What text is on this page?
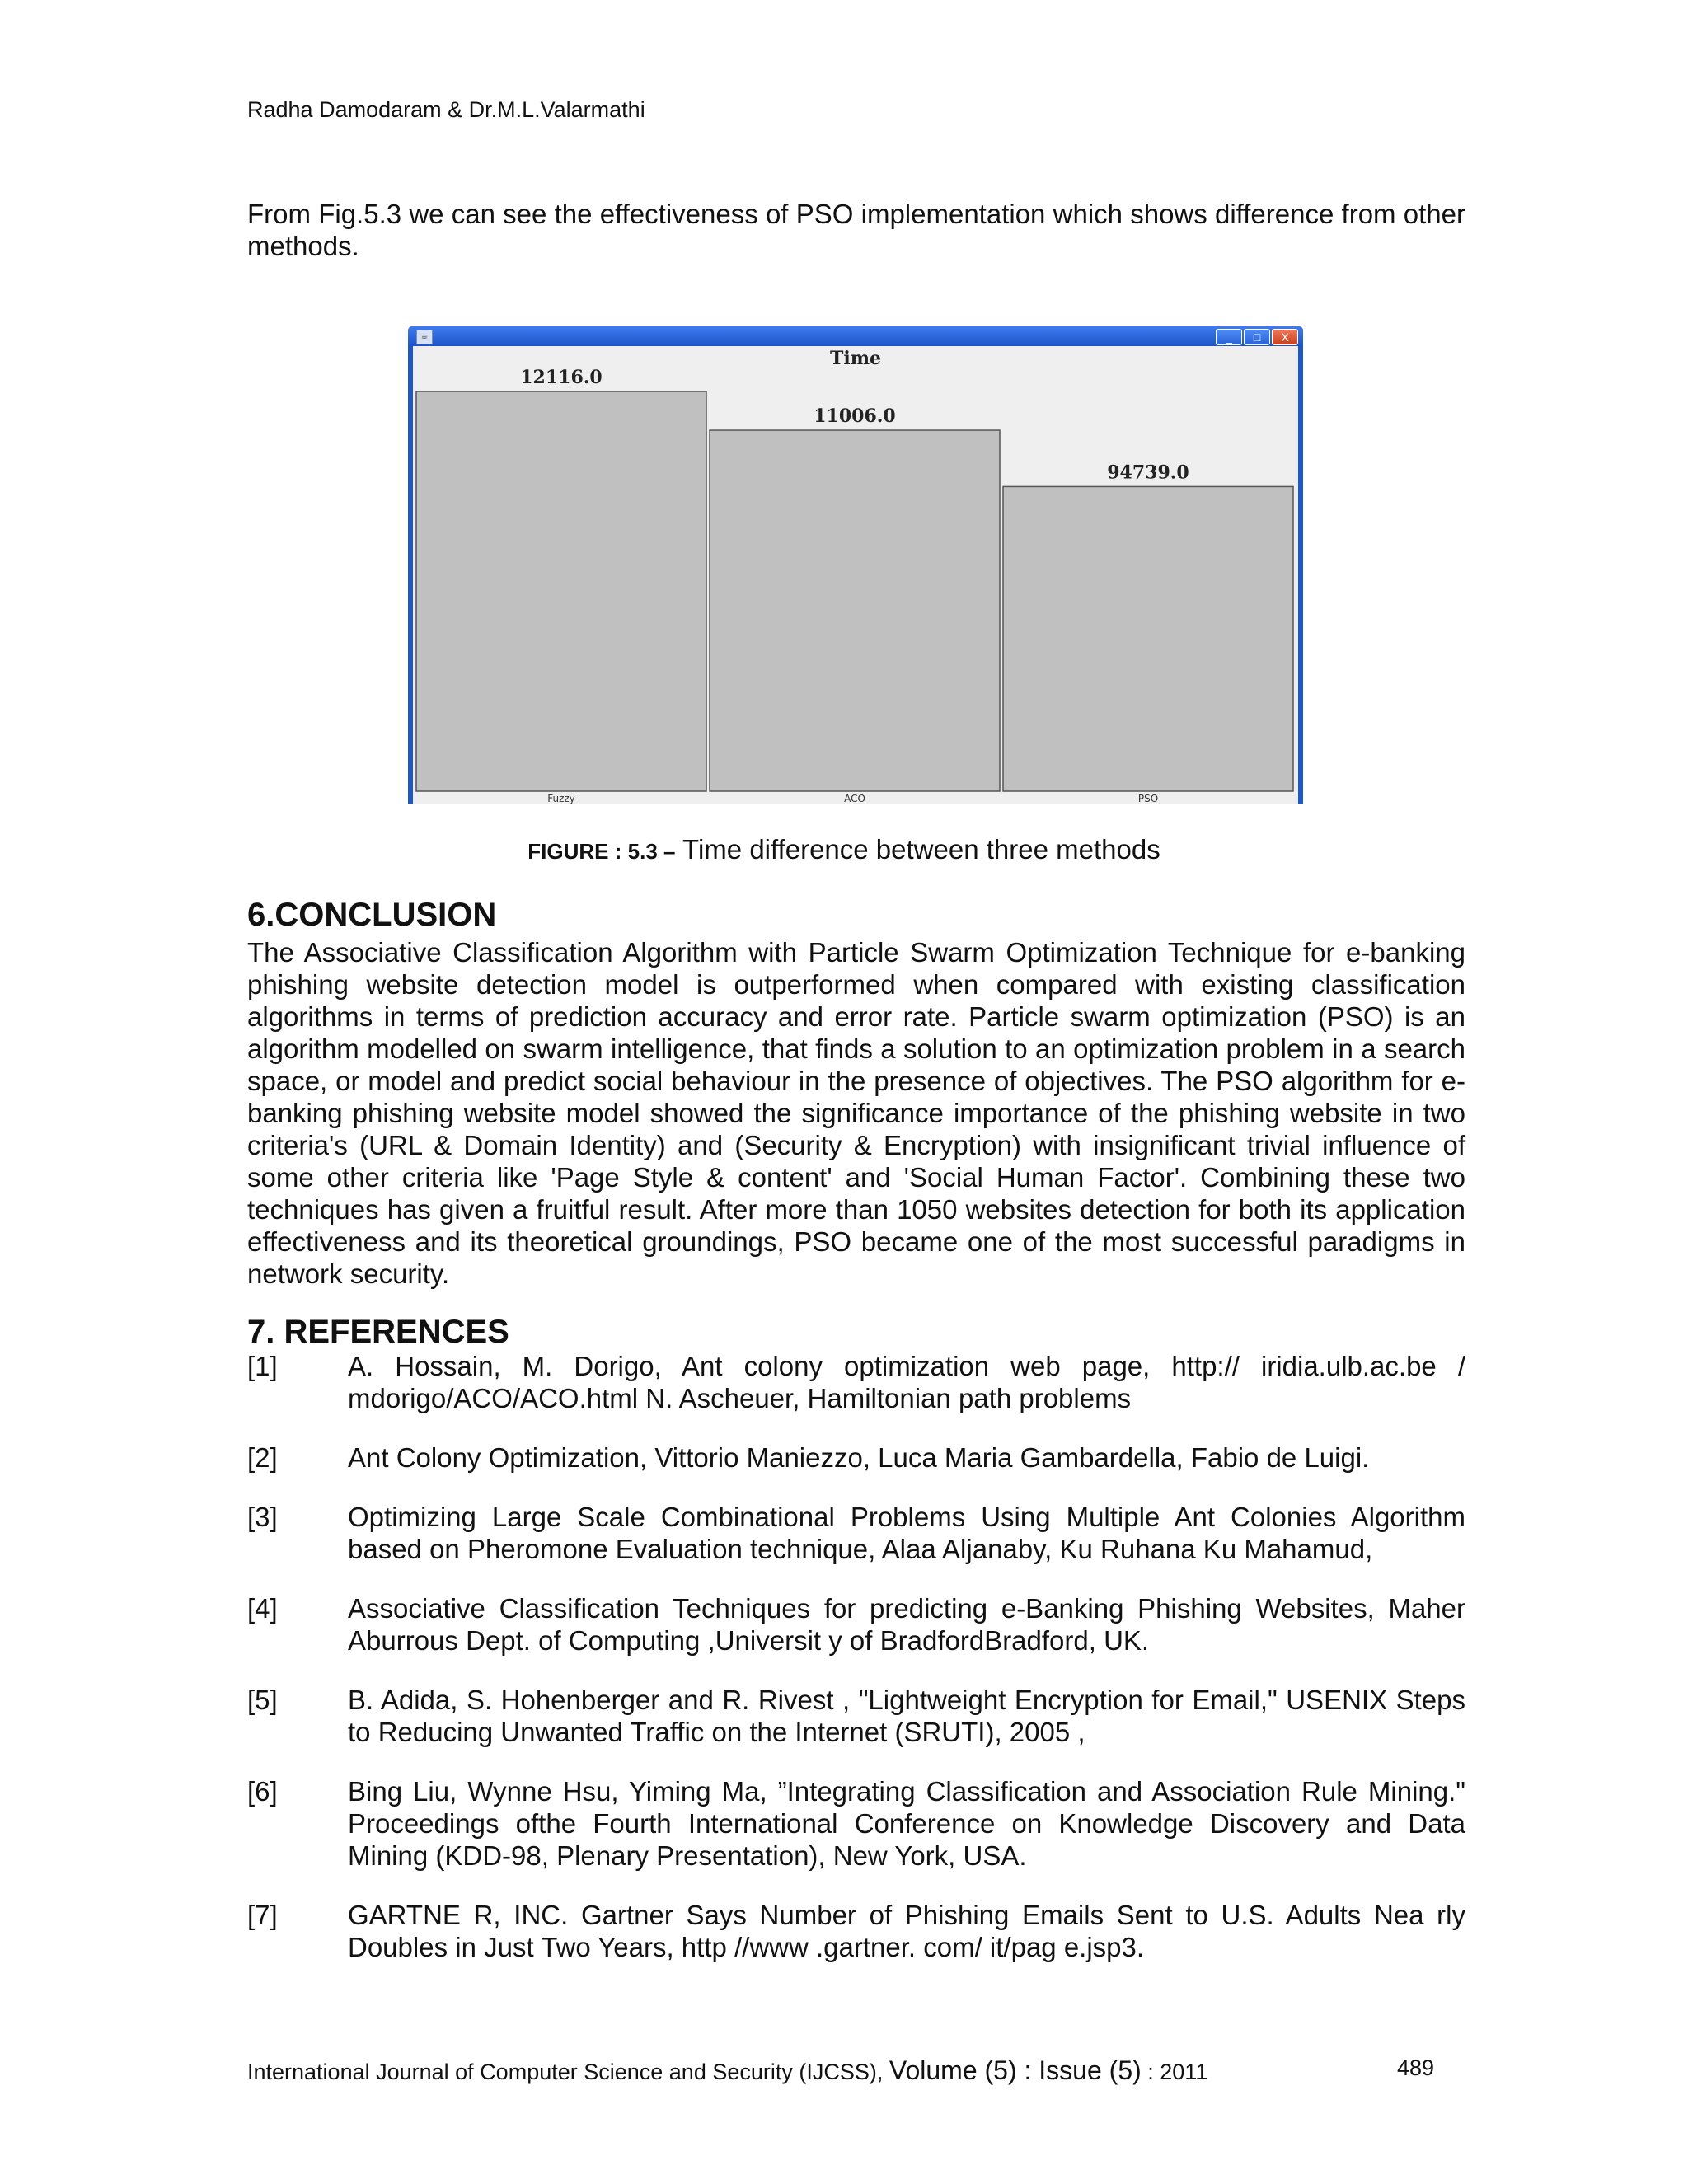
Radha Damodaram & Dr.M.L.Valarmathi
From Fig.5.3 we can see the effectiveness of PSO implementation which shows difference from other methods.
☕	_	□	X
Time
12116.0
Fuzzy
11006.0
ACO
94739.0
PSO
FIGURE : 5.3 – Time difference between three methods
6.CONCLUSION
The Associative Classification Algorithm with Particle Swarm Optimization Technique for e-banking phishing website detection model is outperformed when compared with existing classification algorithms in terms of prediction accuracy and error rate. Particle swarm optimization (PSO) is an algorithm modelled on swarm intelligence, that finds a solution to an optimization problem in a search space, or model and predict social behaviour in the presence of objectives. The PSO algorithm for e-banking phishing website model showed the significance importance of the phishing website in two criteria's (URL & Domain Identity) and (Security & Encryption) with insignificant trivial influence of some other criteria like 'Page Style & content' and 'Social Human Factor'. Combining these two techniques has given a fruitful result. After more than 1050 websites detection for both its application effectiveness and its theoretical groundings, PSO became one of the most successful paradigms in network security.
7. REFERENCES
[1]	A. Hossain, M. Dorigo, Ant colony optimization web page, http:// iridia.ulb.ac.be / mdorigo/ACO/ACO.html N. Ascheuer, Hamiltonian path problems
[2]	Ant Colony Optimization, Vittorio Maniezzo, Luca Maria Gambardella, Fabio de Luigi.
[3]	Optimizing Large Scale Combinational Problems Using Multiple Ant Colonies Algorithm based on Pheromone Evaluation technique, Alaa Aljanaby, Ku Ruhana Ku Mahamud,
[4]	Associative Classification Techniques for predicting e-Banking Phishing Websites, Maher Aburrous Dept. of Computing ,Universit y of BradfordBradford, UK.
[5]	B. Adida, S. Hohenberger and R. Rivest , "Lightweight Encryption for Email," USENIX Steps to Reducing Unwanted Traffic on the Internet (SRUTI), 2005 ,
[6]	Bing Liu, Wynne Hsu, Yiming Ma, ”Integrating Classification and Association Rule Mining." Proceedings ofthe Fourth International Conference on Knowledge Discovery and Data Mining (KDD-98, Plenary Presentation), New York, USA.
[7]	GARTNE R, INC. Gartner Says Number of Phishing Emails Sent to U.S. Adults Nea rly Doubles in Just Two Years, http //www .gartner. com/ it/pag e.jsp3.
International Journal of Computer Science and Security (IJCSS), Volume (5) : Issue (5) : 2011	489
